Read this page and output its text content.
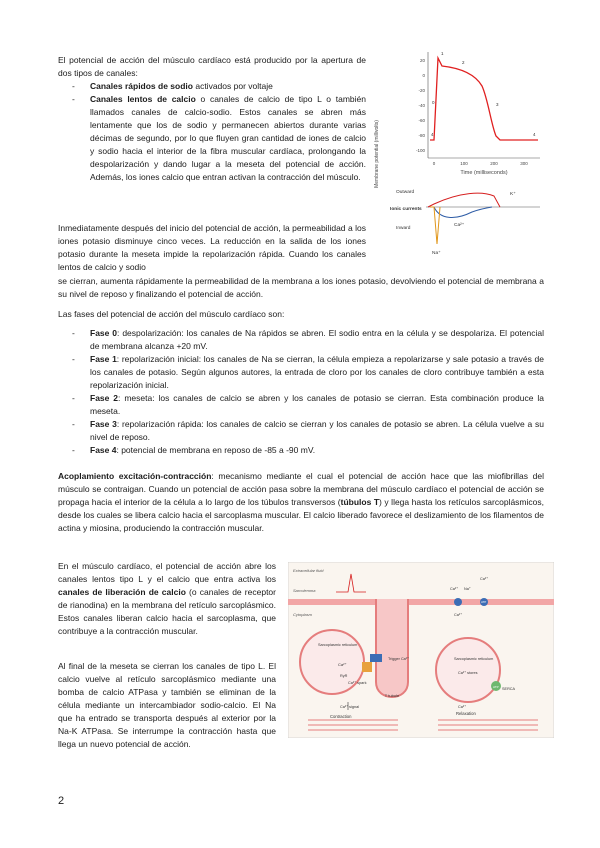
El potencial de acción del músculo cardíaco está producido por la apertura de dos tipos de canales:

- Canales rápidos de sodio activados por voltaje
- Canales lentos de calcio o canales de calcio de tipo L o también llamados canales de calcio-sodio. Estos canales se abren más lentamente que los de sodio y permanecen abiertos durante varias décimas de segundo, por lo que fluyen gran cantidad de iones de calcio y sodio hacia el interior de la fibra muscular cardíaca, prolongando la despolarización y dando lugar a la meseta del potencial de acción. Además, los iones calcio que entran activan la contracción del músculo.

Inmediatamente después del inicio del potencial de acción, la permeabilidad a los iones potasio disminuye cinco veces. La reducción en la salida de los iones potasio durante la meseta impide la repolarización rápida. Cuando los canales lentos de calcio y sodio

se cierran, aumenta rápidamente la permeabilidad de la membrana a los iones potasio, devolviendo el potencial de membrana a su nivel de reposo y finalizando el potencial de acción.

Las fases del potencial de acción del músculo cardíaco son:

- Fase 0: despolarización: los canales de Na rápidos se abren. El sodio entra en la célula y se despolariza. El potencial de membrana alcanza +20 mV.
- Fase 1: repolarización inicial: los canales de Na se cierran, la célula empieza a repolarizarse y sale potasio a través de los canales de potasio. Según algunos autores, la entrada de cloro por los canales de cloro contribuye también a esta repolarización inicial.
- Fase 2: meseta: los canales de calcio se abren y los canales de potasio se cierran. Esta combinación produce la meseta.
- Fase 3: repolarización rápida: los canales de calcio se cierran y los canales de potasio se abren. La célula vuelve a su nivel de reposo.
- Fase 4: potencial de membrana en reposo de -85 a -90 mV.

Acoplamiento excitación-contracción: mecanismo mediante el cual el potencial de acción hace que las miofibrillas del músculo se contraigan. Cuando un potencial de acción pasa sobre la membrana del músculo cardíaco el potencial de acción se propaga hacia el interior de la célula a lo largo de los túbulos transversos (túbulos T) y llega hasta los retículos sarcoplásmicos, desde los cuales se libera calcio hacia el sarcoplasma muscular. El calcio liberado favorece el deslizamiento de los filamentos de actina y miosina, produciendo la contracción muscular.

En el músculo cardíaco, el potencial de acción abre los canales lentos tipo L y el calcio que entra activa los canales de liberación de calcio (o canales de receptor de rianodina) en la membrana del retículo sarcoplásmico. Estos canales liberan calcio hacia el sarcoplasma, que contribuye a la contracción muscular.

Al final de la meseta se cierran los canales de tipo L. El calcio vuelve al retículo sarcoplásmico mediante una bomba de calcio ATPasa y también se eliminan de la célula mediante un intercambiador sodio-calcio. El Na que ha entrado se transporta después al exterior por la Na-K ATPasa. Se interrumpe la contracción hasta que llega un nuevo potencial de acción.

2
Membrane potential (millivolts)
20
0
-20
-40
-60
-80
-100
0	100	200	300
Time (milliseconds)
0
1
2
3
4	4
Outward
Ionic currents
Inward
K⁺
Ca²⁺
Na⁺
Extracellular fluid
Sarcolemma
Cytoplasm
T tubule
Sarcoplasmic reticulum
Ca²⁺
RyR
Ca²⁺ spark
Trigger Ca²⁺
Ca²⁺ signal
Contraction
Sarcoplasmic reticulum
Ca²⁺ stores
ATP SERCA
Ca²⁺ Na⁺
Ca²⁺
ATP
Ca²⁺
Ca²⁺
Relaxation
